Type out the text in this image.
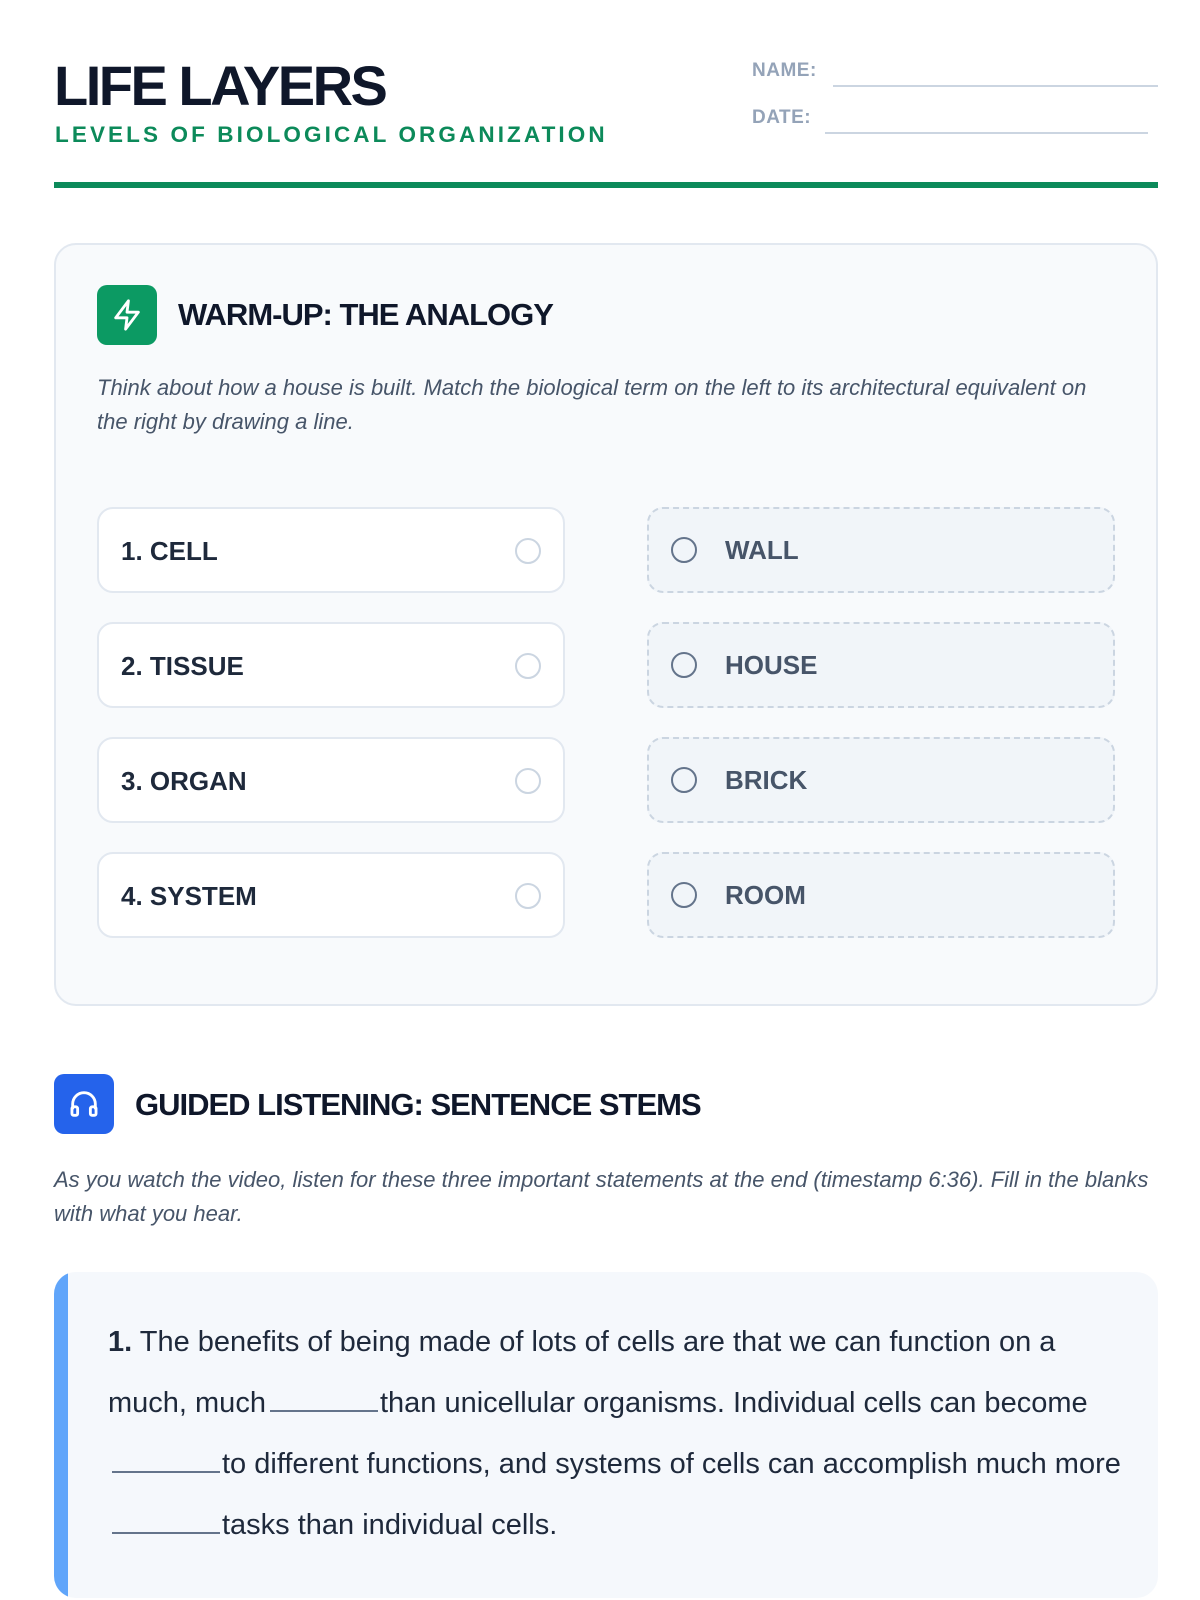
LIFE LAYERS
LEVELS OF BIOLOGICAL ORGANIZATION
NAME:
DATE:
WARM-UP: THE ANALOGY
Think about how a house is built. Match the biological term on the left to its architectural equivalent on the right by drawing a line.
1. CELL
2. TISSUE
3. ORGAN
4. SYSTEM
WALL
HOUSE
BRICK
ROOM
GUIDED LISTENING: SENTENCE STEMS
As you watch the video, listen for these three important statements at the end (timestamp 6:36). Fill in the blanks with what you hear.
1. The benefits of being made of lots of cells are that we can function on a much, much	than unicellular organisms. Individual cells can becometo different functions, and systems of cells can accomplish much moretasks than individual cells.
